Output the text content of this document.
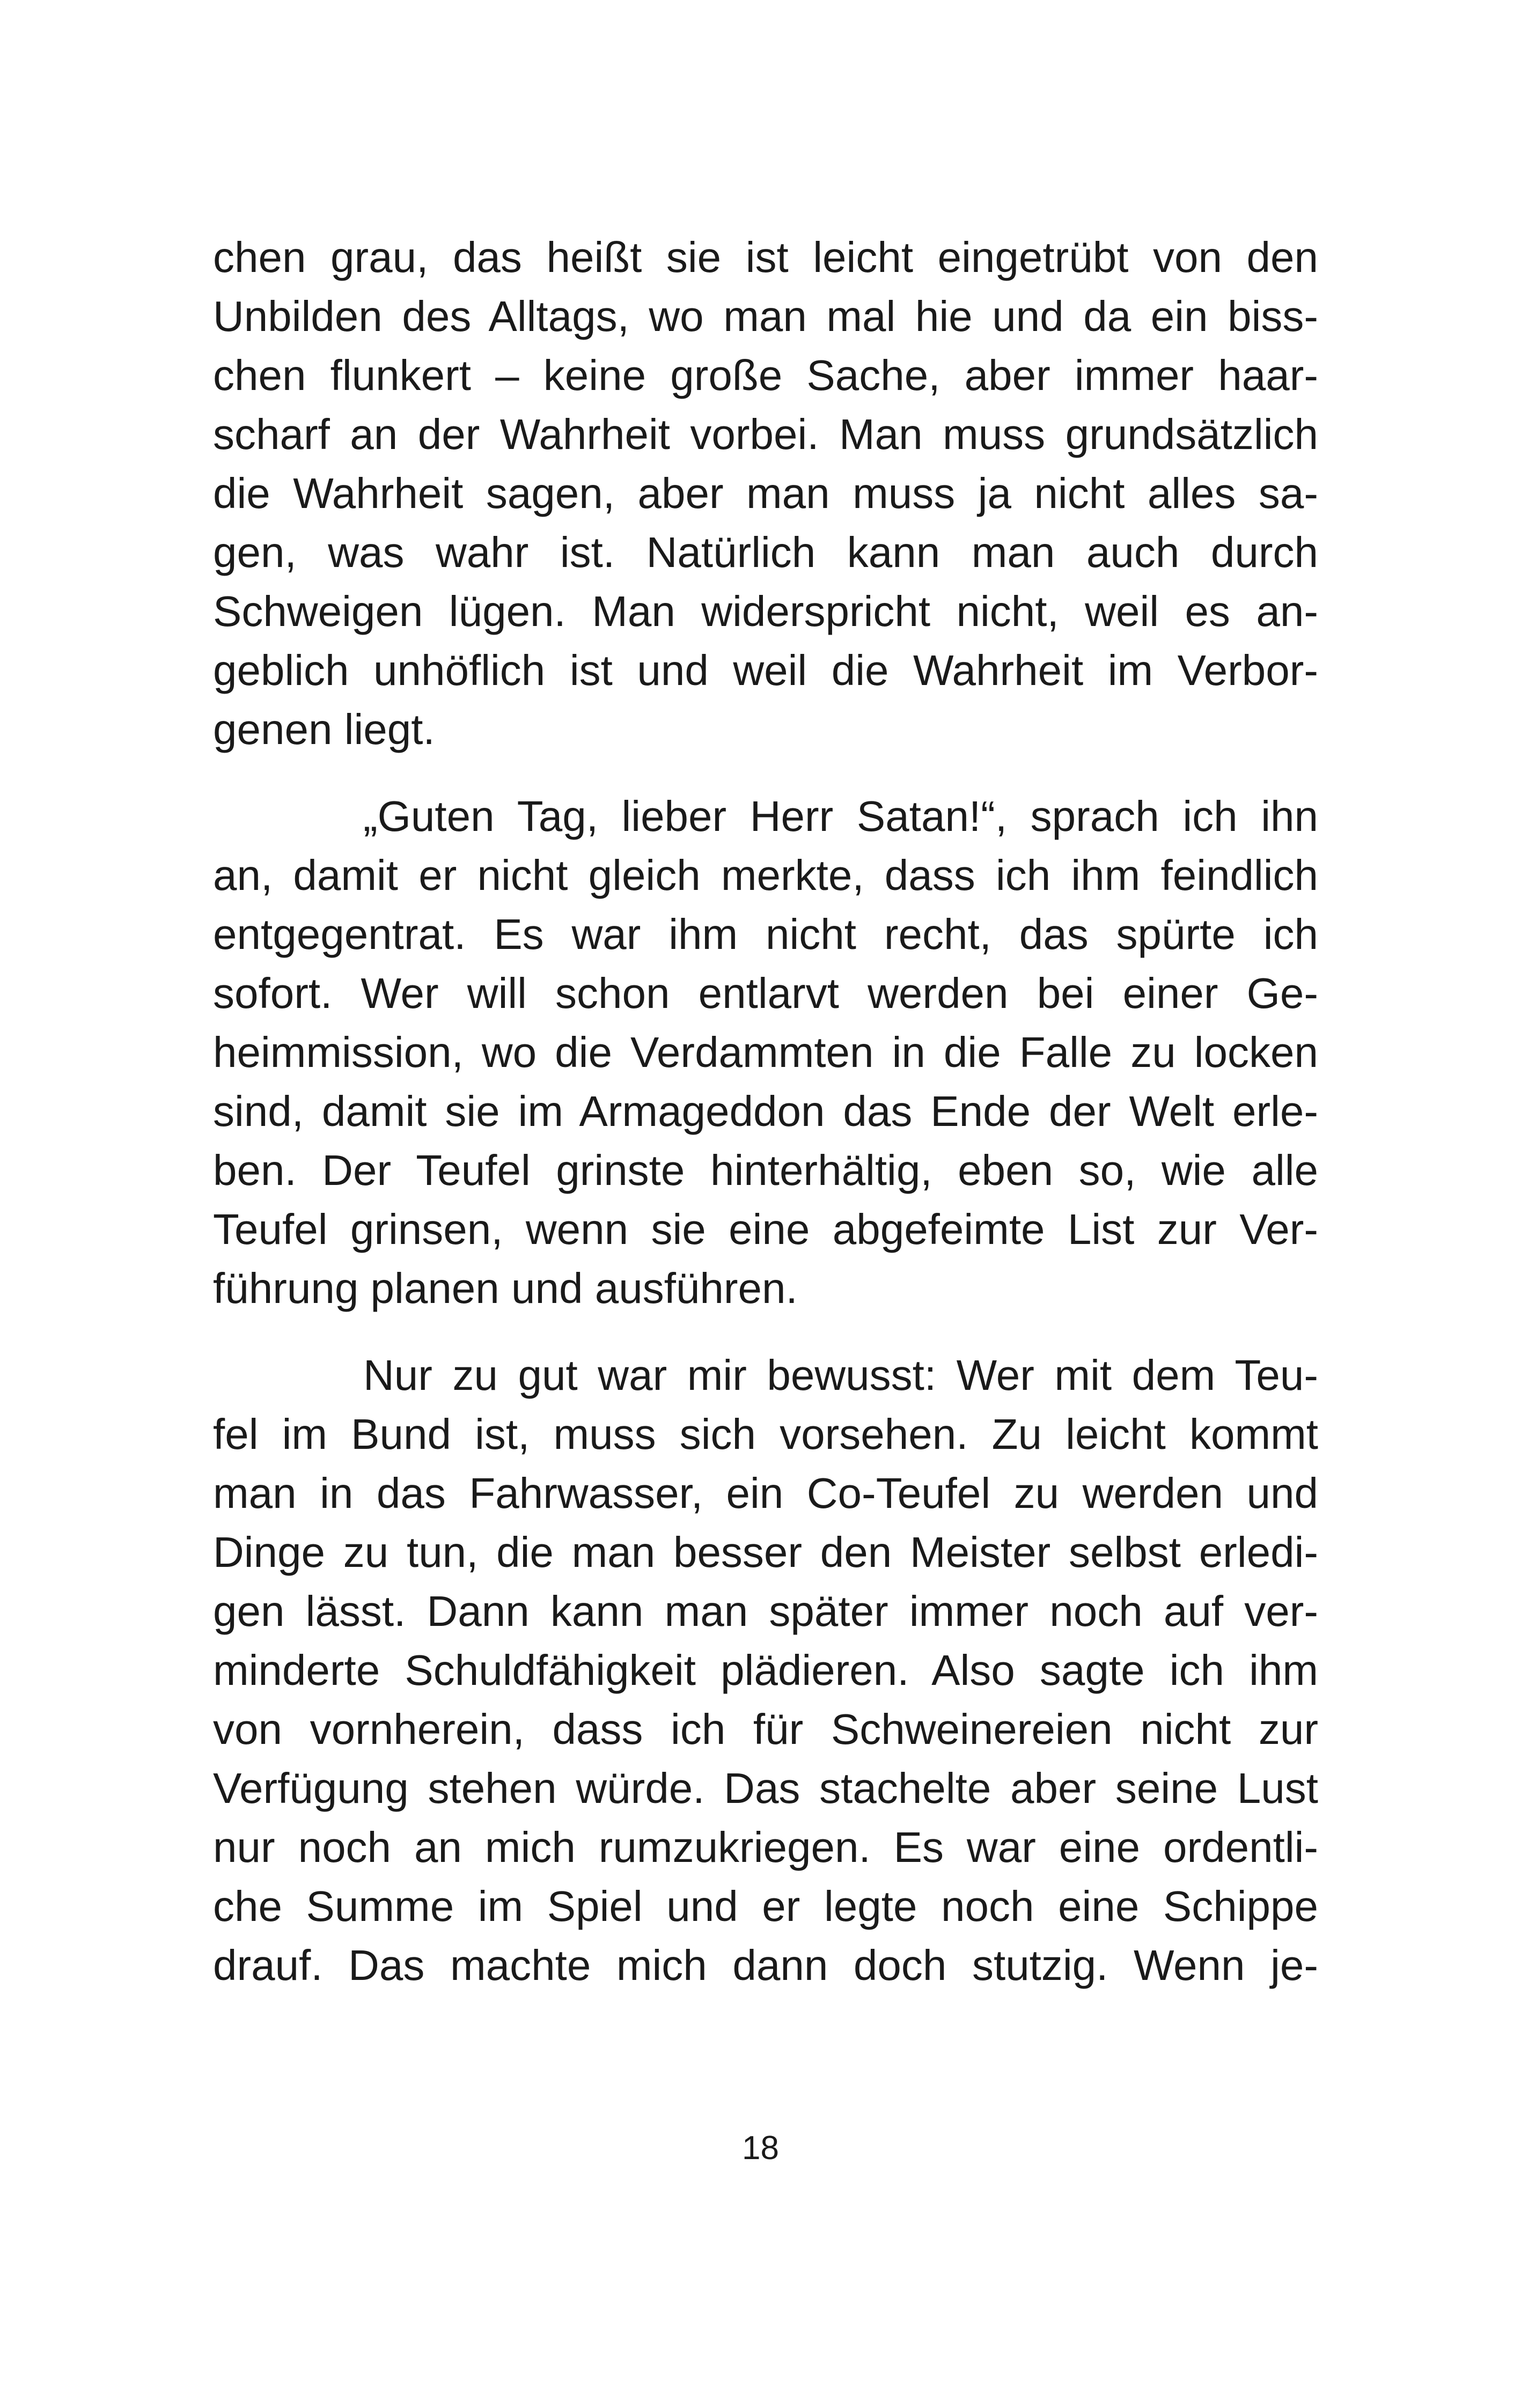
chen grau, das heißt sie ist leicht eingetrübt von den
Unbilden des Alltags, wo man mal hie und da ein biss-
chen flunkert – keine große Sache, aber immer haar-
scharf an der Wahrheit vorbei. Man muss grundsätzlich
die Wahrheit sagen, aber man muss ja nicht alles sa-
gen, was wahr ist. Natürlich kann man auch durch
Schweigen lügen. Man widerspricht nicht, weil es an-
geblich unhöflich ist und weil die Wahrheit im Verbor-
genen liegt.
„Guten Tag, lieber Herr Satan!“, sprach ich ihn
an, damit er nicht gleich merkte, dass ich ihm feindlich
entgegentrat. Es war ihm nicht recht, das spürte ich
sofort. Wer will schon entlarvt werden bei einer Ge-
heimmission, wo die Verdammten in die Falle zu locken
sind, damit sie im Armageddon das Ende der Welt erle-
ben. Der Teufel grinste hinterhältig, eben so, wie alle
Teufel grinsen, wenn sie eine abgefeimte List zur Ver-
führung planen und ausführen.
Nur zu gut war mir bewusst: Wer mit dem Teu-
fel im Bund ist, muss sich vorsehen. Zu leicht kommt
man in das Fahrwasser, ein Co-Teufel zu werden und
Dinge zu tun, die man besser den Meister selbst erledi-
gen lässt. Dann kann man später immer noch auf ver-
minderte Schuldfähigkeit plädieren. Also sagte ich ihm
von vornherein, dass ich für Schweinereien nicht zur
Verfügung stehen würde. Das stachelte aber seine Lust
nur noch an mich rumzukriegen. Es war eine ordentli-
che Summe im Spiel und er legte noch eine Schippe
drauf. Das machte mich dann doch stutzig. Wenn je-
18
